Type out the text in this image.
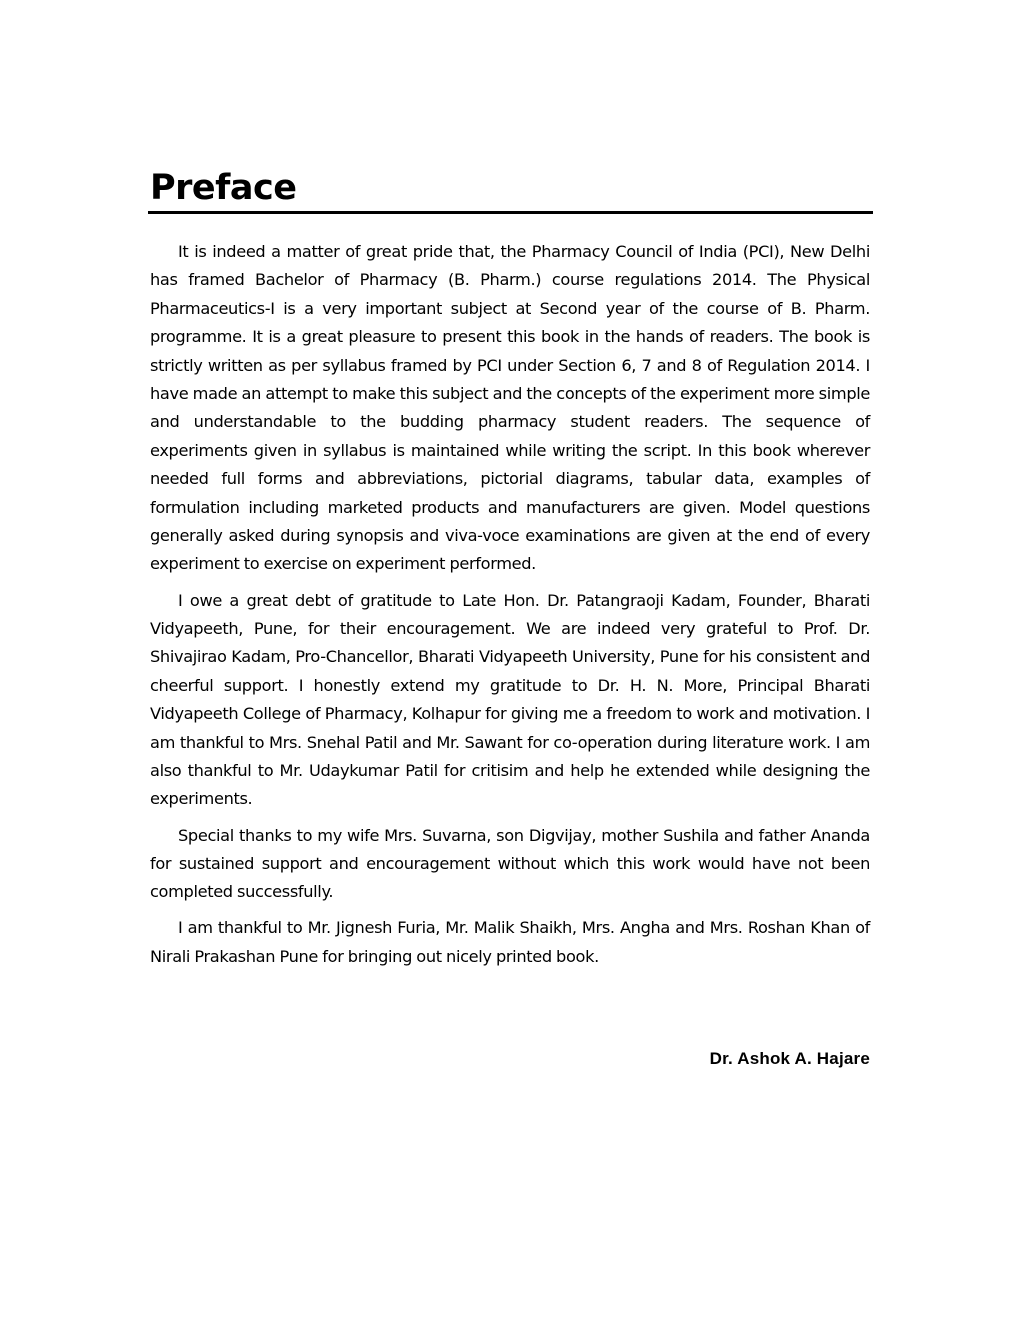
Preface

It is indeed a matter of great pride that, the Pharmacy Council of India (PCI), New Delhi has framed Bachelor of Pharmacy (B. Pharm.) course regulations 2014. The Physical Pharmaceutics-I is a very important subject at Second year of the course of B. Pharm. programme. It is a great pleasure to present this book in the hands of readers. The book is strictly written as per syllabus framed by PCI under Section 6, 7 and 8 of Regulation 2014. I have made an attempt to make this subject and the concepts of the experiment more simple and understandable to the budding pharmacy student readers. The sequence of experiments given in syllabus is maintained while writing the script. In this book wherever needed full forms and abbreviations, pictorial diagrams, tabular data, examples of formulation including marketed products and manufacturers are given. Model questions generally asked during synopsis and viva-voce examinations are given at the end of every experiment to exercise on experiment performed.

I owe a great debt of gratitude to Late Hon. Dr. Patangraoji Kadam, Founder, Bharati Vidyapeeth, Pune, for their encouragement. We are indeed very grateful to Prof. Dr. Shivajirao Kadam, Pro-Chancellor, Bharati Vidyapeeth University, Pune for his consistent and cheerful support. I honestly extend my gratitude to Dr. H. N. More, Principal Bharati Vidyapeeth College of Pharmacy, Kolhapur for giving me a freedom to work and motivation. I am thankful to Mrs. Snehal Patil and Mr. Sawant for co-operation during literature work. I am also thankful to Mr. Udaykumar Patil for critisim and help he extended while designing the experiments.

Special thanks to my wife Mrs. Suvarna, son Digvijay, mother Sushila and father Ananda for sustained support and encouragement without which this work would have not been completed successfully.

I am thankful to Mr. Jignesh Furia, Mr. Malik Shaikh, Mrs. Angha and Mrs. Roshan Khan of Nirali Prakashan Pune for bringing out nicely printed book.

Dr. Ashok A. Hajare
